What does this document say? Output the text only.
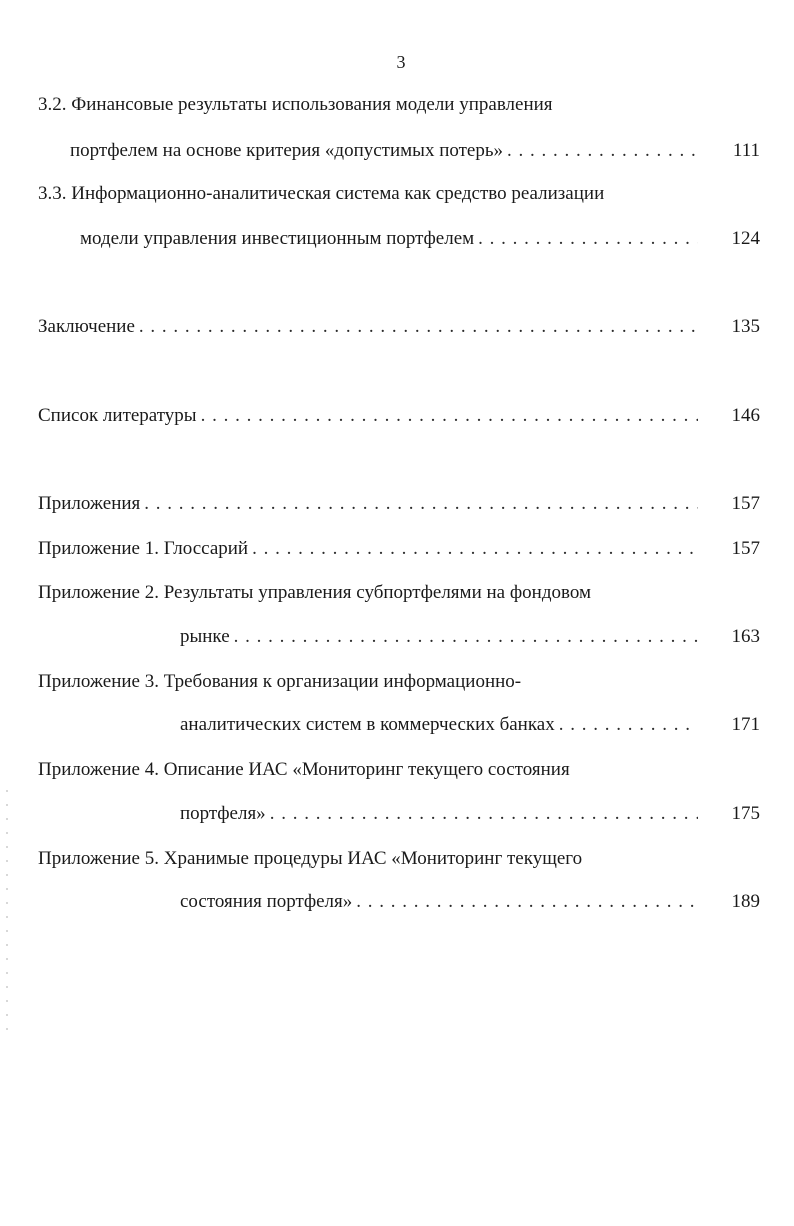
3
3.2. Финансовые результаты использования модели управления
портфелем на основе критерия «допустимых потерь» . . .	111
3.3. Информационно-аналитическая система как средство реализации
модели управления инвестиционным портфелем . . .	124
Заключение . . .	135
Список литературы . . .	146
Приложения . . .	157
Приложение 1. Глоссарий . . .	157
Приложение 2. Результаты управления субпортфелями на фондовом
рынке . . .	163
Приложение 3. Требования к организации информационно-
аналитических систем в коммерческих банках . . .	171
Приложение 4. Описание ИАС «Мониторинг текущего состояния
портфеля» . . .	175
Приложение 5. Хранимые процедуры ИАС «Мониторинг текущего
состояния портфеля» . . .	189
